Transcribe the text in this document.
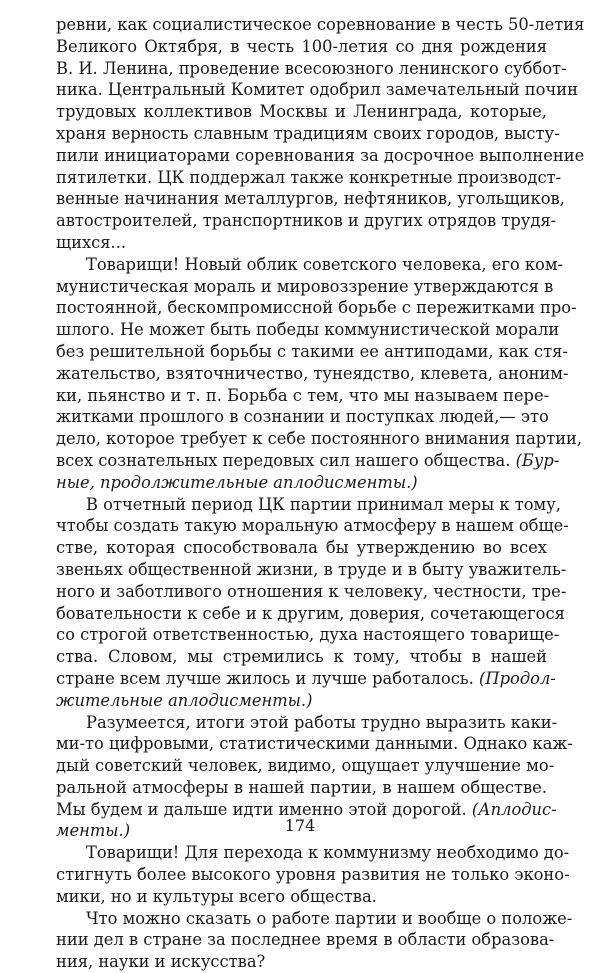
ревни, как социалистическое соревнование в честь 50-летия
Великого Октября, в честь 100-летия со дня рождения
В. И. Ленина, проведение всесоюзного ленинского суббот-
ника. Центральный Комитет одобрил замечательный почин
трудовых коллективов Москвы и Ленинграда, которые,
храня верность славным традициям своих городов, высту-
пили инициаторами соревнования за досрочное выполнение
пятилетки. ЦК поддержал также конкретные производст-
венные начинания металлургов, нефтяников, угольщиков,
автостроителей, транспортников и других отрядов трудя-
щихся...
Товарищи! Новый облик советского человека, его ком-
мунистическая мораль и мировоззрение утверждаются в
постоянной, бескомпромиссной борьбе с пережитками про-
шлого. Не может быть победы коммунистической морали
без решительной борьбы с такими ее антиподами, как стя-
жательство, взяточничество, тунеядство, клевета, аноним-
ки, пьянство и т. п. Борьба с тем, что мы называем пере-
житками прошлого в сознании и поступках людей,— это
дело, которое требует к себе постоянного внимания партии,
всех сознательных передовых сил нашего общества. (Бур-
ные, продолжительные аплодисменты.)
В отчетный период ЦК партии принимал меры к тому,
чтобы создать такую моральную атмосферу в нашем обще-
стве, которая способствовала бы утверждению во всех
звеньях общественной жизни, в труде и в быту уважитель-
ного и заботливого отношения к человеку, честности, тре-
бовательности к себе и к другим, доверия, сочетающегося
со строгой ответственностью, духа настоящего товарище-
ства. Словом, мы стремились к тому, чтобы в нашей
стране всем лучше жилось и лучше работалось. (Продол-
жительные аплодисменты.)
Разумеется, итоги этой работы трудно выразить каки-
ми-то цифровыми, статистическими данными. Однако каж-
дый советский человек, видимо, ощущает улучшение мо-
ральной атмосферы в нашей партии, в нашем обществе.
Мы будем и дальше идти именно этой дорогой. (Аплодис-
менты.)
Товарищи! Для перехода к коммунизму необходимо до-
стигнуть более высокого уровня развития не только эконо-
мики, но и культуры всего общества.
Что можно сказать о работе партии и вообще о положе-
нии дел в стране за последнее время в области образова-
ния, науки и искусства?
174
